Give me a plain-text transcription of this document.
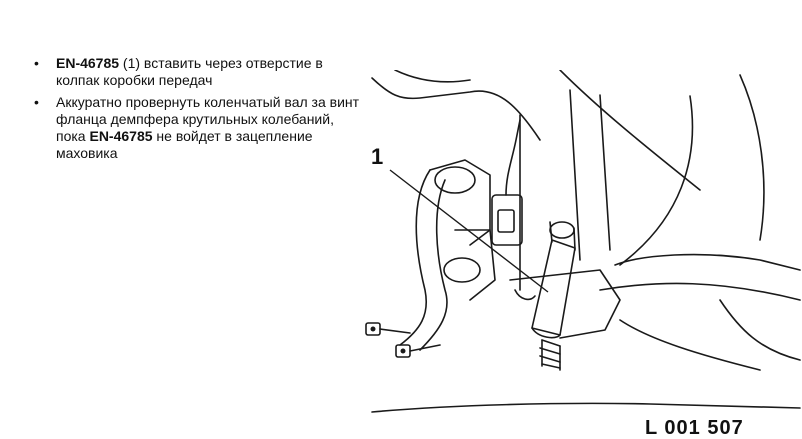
• EN-46785 (1) вставить через отверстие в колпак коробки передач
• Аккуратно провернуть коленчатый вал за винт фланца демпфера крутильных колебаний, пока EN-46785 не войдет в зацепление маховика	1
L 001 507
